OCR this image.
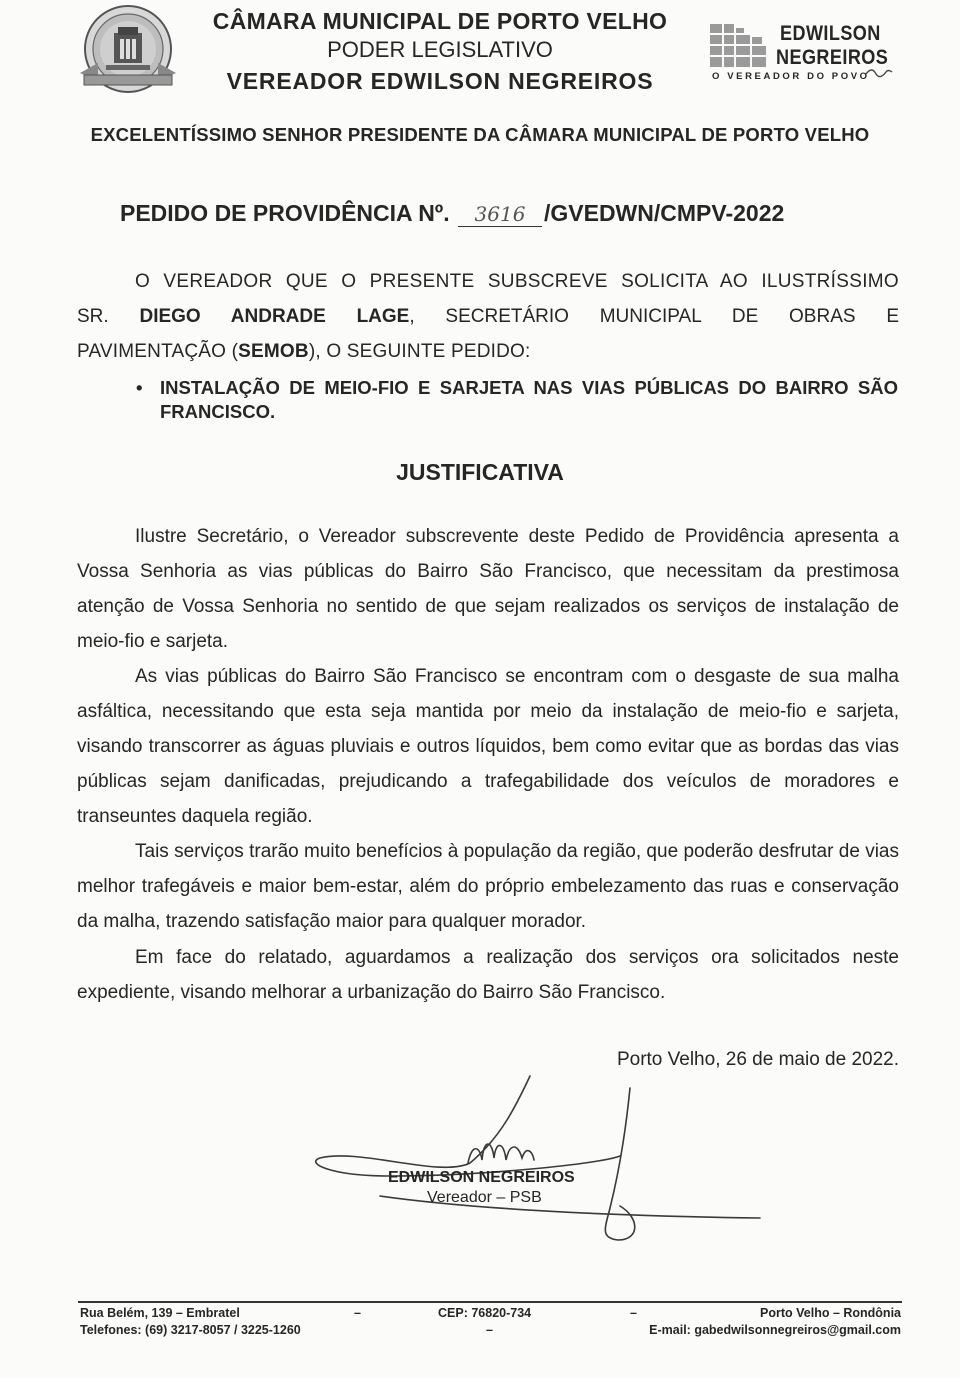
CÂMARA MUNICIPAL DE PORTO VELHO
PODER LEGISLATIVO
VEREADOR EDWILSON NEGREIROS
EDWILSON
NEGREIROS
O VEREADOR DO POVO
EXCELENTÍSSIMO SENHOR PRESIDENTE DA CÂMARA MUNICIPAL DE PORTO VELHO
PEDIDO DE PROVIDÊNCIA Nº. 3616 /GVEDWN/CMPV-2022
O VEREADOR QUE O PRESENTE SUBSCREVE SOLICITA AO ILUSTRÍSSIMO
SR. DIEGO ANDRADE LAGE, SECRETÁRIO MUNICIPAL DE OBRAS E
PAVIMENTAÇÃO (SEMOB), O SEGUINTE PEDIDO:
• INSTALAÇÃO DE MEIO-FIO E SARJETA NAS VIAS PÚBLICAS DO BAIRRO SÃO FRANCISCO.
JUSTIFICATIVA

Ilustre Secretário, o Vereador subscrevente deste Pedido de Providência apresenta a Vossa Senhoria as vias públicas do Bairro São Francisco, que necessitam da prestimosa atenção de Vossa Senhoria no sentido de que sejam realizados os serviços de instalação de meio-fio e sarjeta.

As vias públicas do Bairro São Francisco se encontram com o desgaste de sua malha asfáltica, necessitando que esta seja mantida por meio da instalação de meio-fio e sarjeta, visando transcorrer as águas pluviais e outros líquidos, bem como evitar que as bordas das vias públicas sejam danificadas, prejudicando a trafegabilidade dos veículos de moradores e transeuntes daquela região.

Tais serviços trarão muito benefícios à população da região, que poderão desfrutar de vias melhor trafegáveis e maior bem-estar, além do próprio embelezamento das ruas e conservação da malha, trazendo satisfação maior para qualquer morador.

Em face do relatado, aguardamos a realização dos serviços ora solicitados neste expediente, visando melhorar a urbanização do Bairro São Francisco.

Porto Velho, 26 de maio de 2022.
EDWILSON NEGREIROS
Vereador – PSB
Rua Belém, 139 – Embratel
Telefones: (69) 3217-8057 / 3225-1260
–	CEP: 76820-734
–
–	Porto Velho – Rondônia
E-mail: gabedwilsonnegreiros@gmail.com
